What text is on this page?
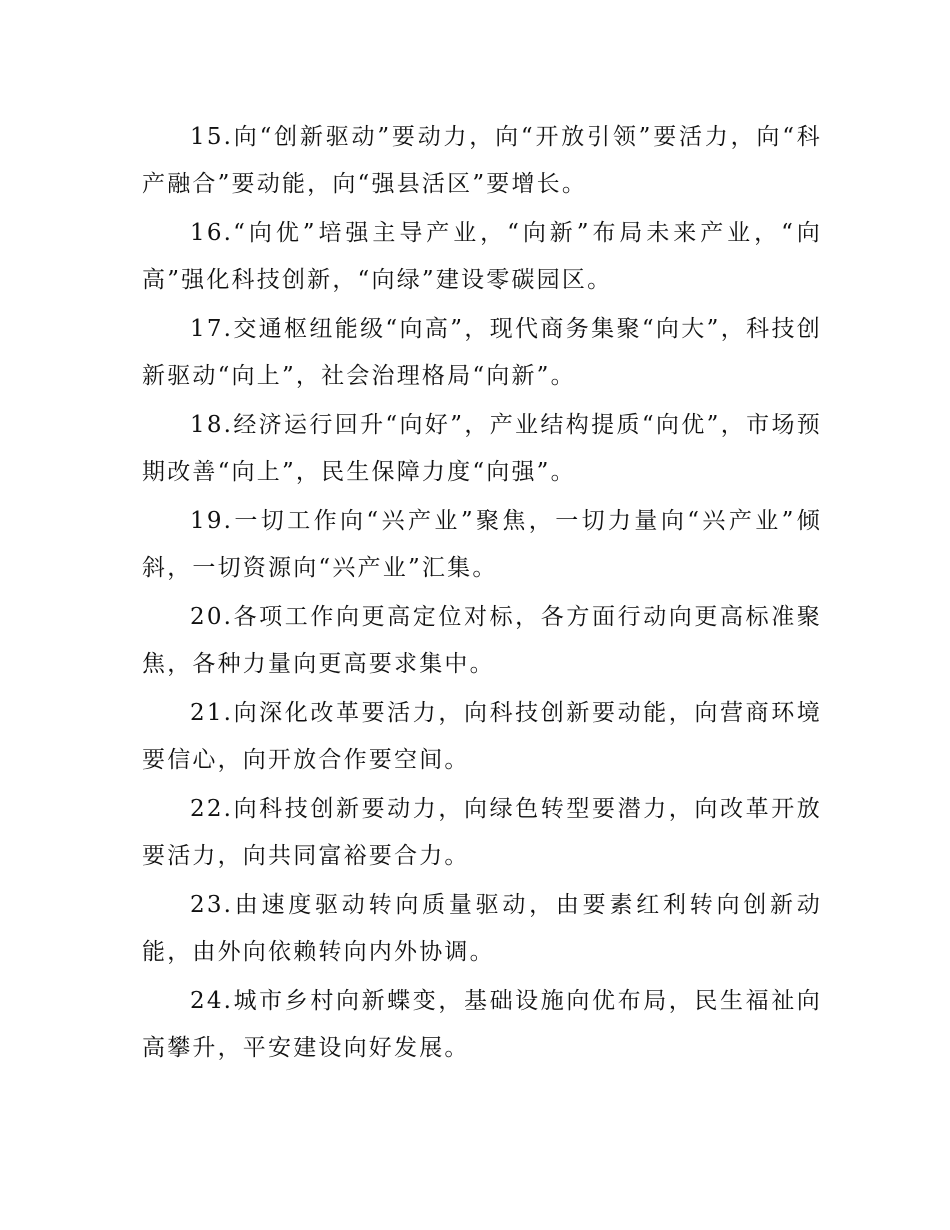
15.向“创新驱动”要动力，向“开放引领”要活力，向“科产融合”要动能，向“强县活区”要增长。

16.“向优”培强主导产业，“向新”布局未来产业，“向高”强化科技创新，“向绿”建设零碳园区。

17.交通枢纽能级“向高”，现代商务集聚“向大”，科技创新驱动“向上”，社会治理格局“向新”。

18.经济运行回升“向好”，产业结构提质“向优”，市场预期改善“向上”，民生保障力度“向强”。

19.一切工作向“兴产业”聚焦，一切力量向“兴产业”倾斜，一切资源向“兴产业”汇集。

20.各项工作向更高定位对标，各方面行动向更高标准聚焦，各种力量向更高要求集中。

21.向深化改革要活力，向科技创新要动能，向营商环境要信心，向开放合作要空间。

22.向科技创新要动力，向绿色转型要潜力，向改革开放要活力，向共同富裕要合力。

23.由速度驱动转向质量驱动，由要素红利转向创新动能，由外向依赖转向内外协调。

24.城市乡村向新蝶变，基础设施向优布局，民生福祉向高攀升，平安建设向好发展。
